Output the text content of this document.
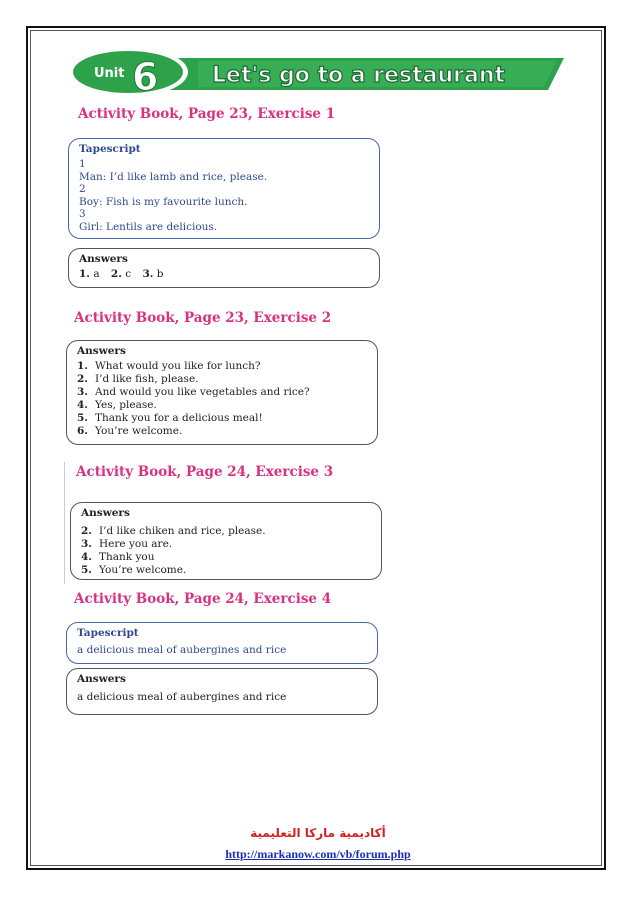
Unit 6 Let's go to a restaurant
Activity Book, Page 23, Exercise 1

Tapescript

1

Man: I’d like lamb and rice, please.

2

Boy: Fish is my favourite lunch.

3

Girl: Lentils are delicious.

Answers

1. a 2. c 3. b

Activity Book, Page 23, Exercise 2

Answers

1. What would you like for lunch?

2. I’d like fish, please.

3. And would you like vegetables and rice?

4. Yes, please.

5. Thank you for a delicious meal!

6. You’re welcome.

Activity Book, Page 24, Exercise 3

Answers

2. I’d like chiken and rice, please.

3. Here you are.

4. Thank you

5. You’re welcome.

Activity Book, Page 24, Exercise 4

Tapescript

a delicious meal of aubergines and rice

Answers

a delicious meal of aubergines and rice

أكاديمية ماركا التعليمية
http://markanow.com/vb/forum.php
